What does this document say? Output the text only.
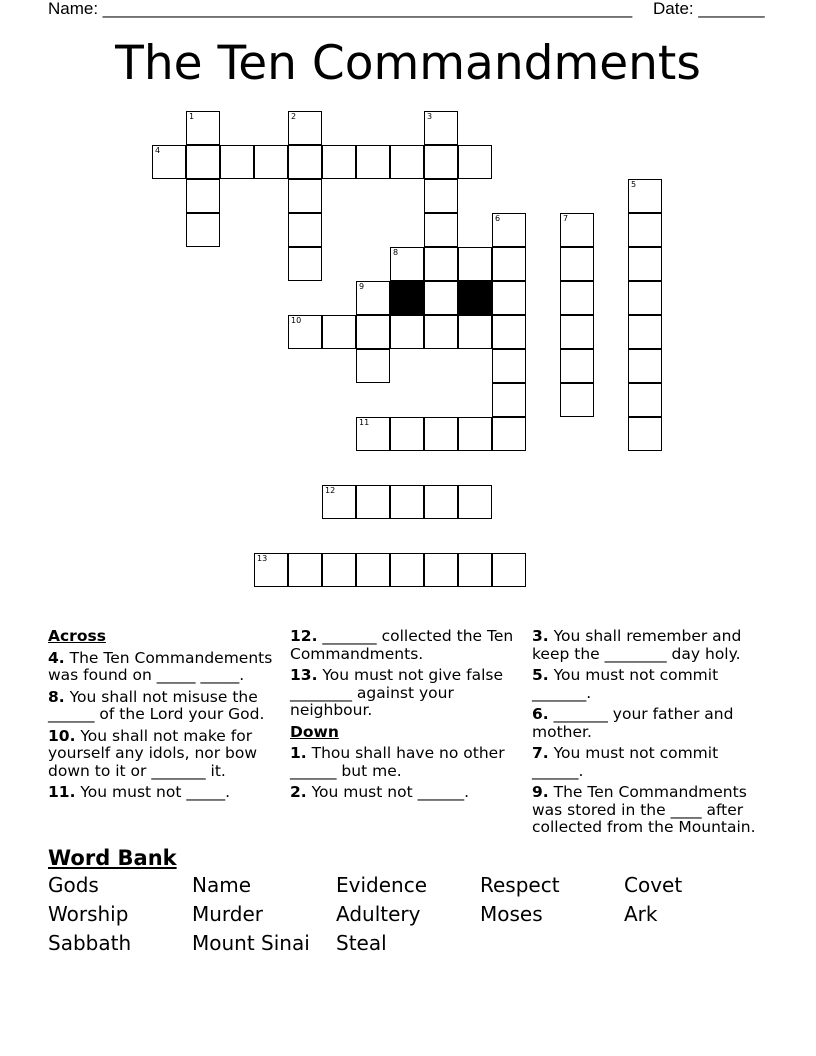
Name: ________________________________________________________ Date: _______
The Ten Commandments
1	2	3
4
5
6	7
8
9
10
11
12
13
Across
4. The Ten Commandements was found on _____ _____.
8. You shall not misuse the ______ of the Lord your God.
10. You shall not make for yourself any idols, nor bow down to it or _______ it.
11. You must not _____.
12. _______ collected the Ten Commandments.
13. You must not give false ________ against your neighbour.
Down
1. Thou shall have no other ______ but me.
2. You must not ______.
3. You shall remember and keep the ________ day holy.
5. You must not commit _______.
6. _______ your father and mother.
7. You must not commit ______.
9. The Ten Commandments was stored in the ____ after collected from the Mountain.
Word Bank
Gods	Name	Evidence	Respect	Covet
Worship	Murder	Adultery	Moses	Ark
Sabbath	Mount Sinai	Steal
